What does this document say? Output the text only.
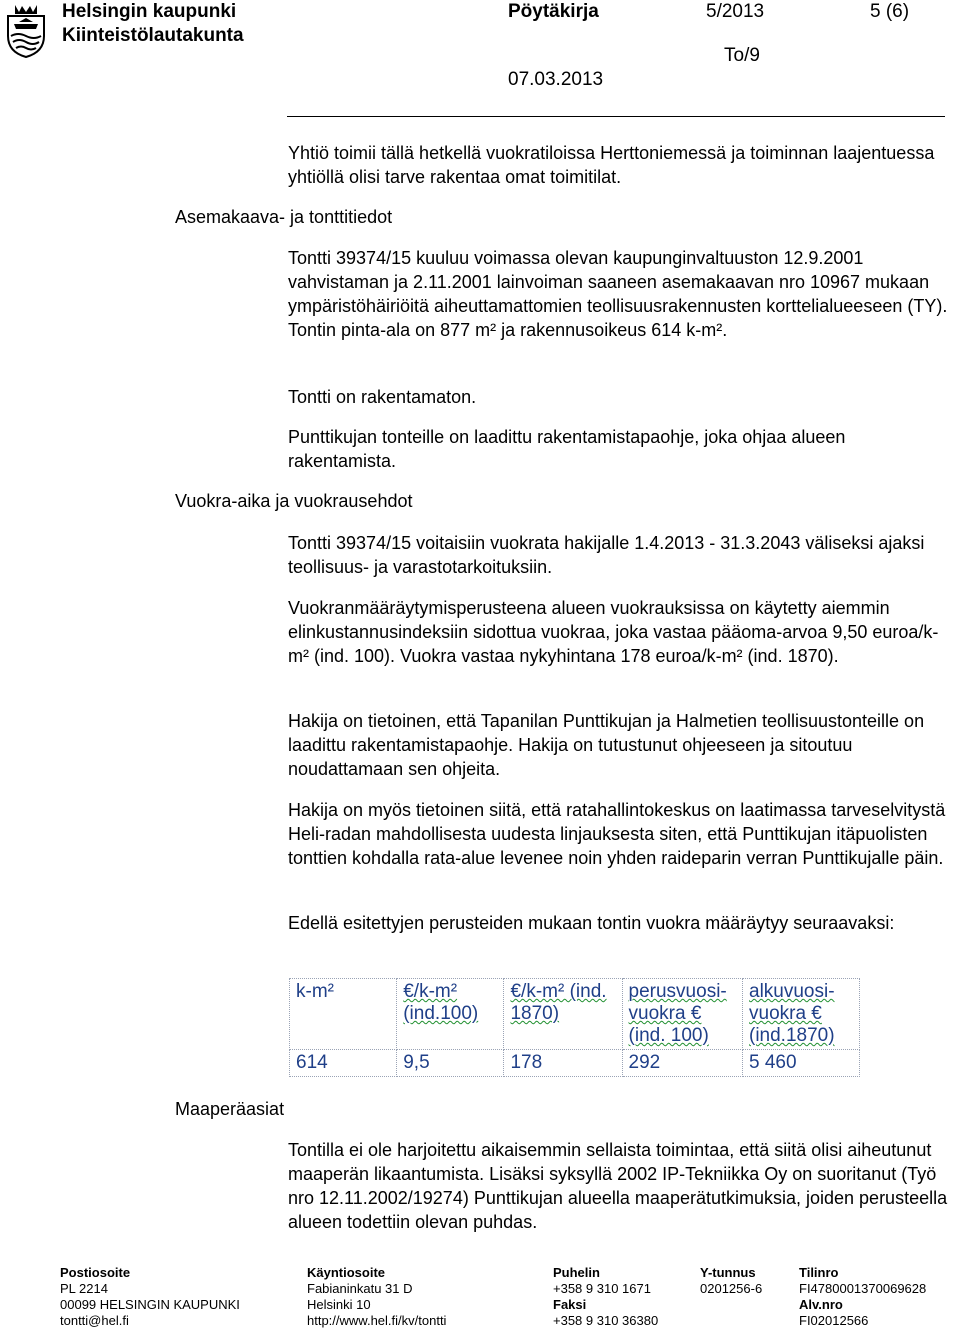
Helsingin kaupunki
Kiinteistölautakunta
Pöytäkirja	5/2013	5 (6)
To/9
07.03.2013

Yhtiö toimii tällä hetkellä vuokratiloissa Herttoniemessä ja toiminnan laajentuessa yhtiöllä olisi tarve rakentaa omat toimitilat.

Asemakaava- ja tonttitiedot

Tontti 39374/15 kuuluu voimassa olevan kaupunginvaltuuston 12.9.2001 vahvistaman ja 2.11.2001 lainvoiman saaneen asemakaavan nro 10967 mukaan ympäristöhäiriöitä aiheuttamattomien teollisuusrakennusten korttelialueeseen (TY). Tontin pinta-ala on 877 m² ja rakennusoikeus 614 k-m².

Tontti on rakentamaton.

Punttikujan tonteille on laadittu rakentamistapaohje, joka ohjaa alueen rakentamista.

Vuokra-aika ja vuokrausehdot

Tontti 39374/15 voitaisiin vuokrata hakijalle 1.4.2013 - 31.3.2043 väliseksi ajaksi teollisuus- ja varastotarkoituksiin.

Vuokranmääräytymisperusteena alueen vuokrauksissa on käytetty aiemmin elinkustannusindeksiin sidottua vuokraa, joka vastaa pääoma-arvoa 9,50 euroa/k-m² (ind. 100). Vuokra vastaa nykyhintana 178 euroa/k-m² (ind. 1870).

Hakija on tietoinen, että Tapanilan Punttikujan ja Halmetien teollisuustonteille on laadittu rakentamistapaohje. Hakija on tutustunut ohjeeseen ja sitoutuu noudattamaan sen ohjeita.

Hakija on myös tietoinen siitä, että ratahallintokeskus on laatimassa tarveselvitystä Heli-radan mahdollisesta uudesta linjauksesta siten, että Punttikujan itäpuolisten tonttien kohdalla rata-alue levenee noin yhden raideparin verran Punttikujalle päin.

Edellä esitettyjen perusteiden mukaan tontin vuokra määräytyy seuraavaksi:

k-m²	€/k-m² (ind.100)	€/k-m² (ind. 1870)	perusvuosi-vuokra € (ind. 100)	alkuvuosi-vuokra € (ind.1870)
614	9,5	178	292	5 460
Maaperäasiat

Tontilla ei ole harjoitettu aikaisemmin sellaista toimintaa, että siitä olisi aiheutunut maaperän likaantumista. Lisäksi syksyllä 2002 IP-Tekniikka Oy on suoritanut (Työ nro 12.11.2002/19274) Punttikujan alueella maaperätutkimuksia, joiden perusteella alueen todettiin olevan puhdas.

Postiosoite
PL 2214
00099 HELSINGIN KAUPUNKI
tontti@hel.fi
Käyntiosoite
Fabianinkatu 31 D
Helsinki 10
http://www.hel.fi/kv/tontti
Puhelin
+358 9 310 1671
Faksi
+358 9 310 36380
Y-tunnus
0201256-6
Tilinro
FI4780001370069628
Alv.nro
FI02012566
